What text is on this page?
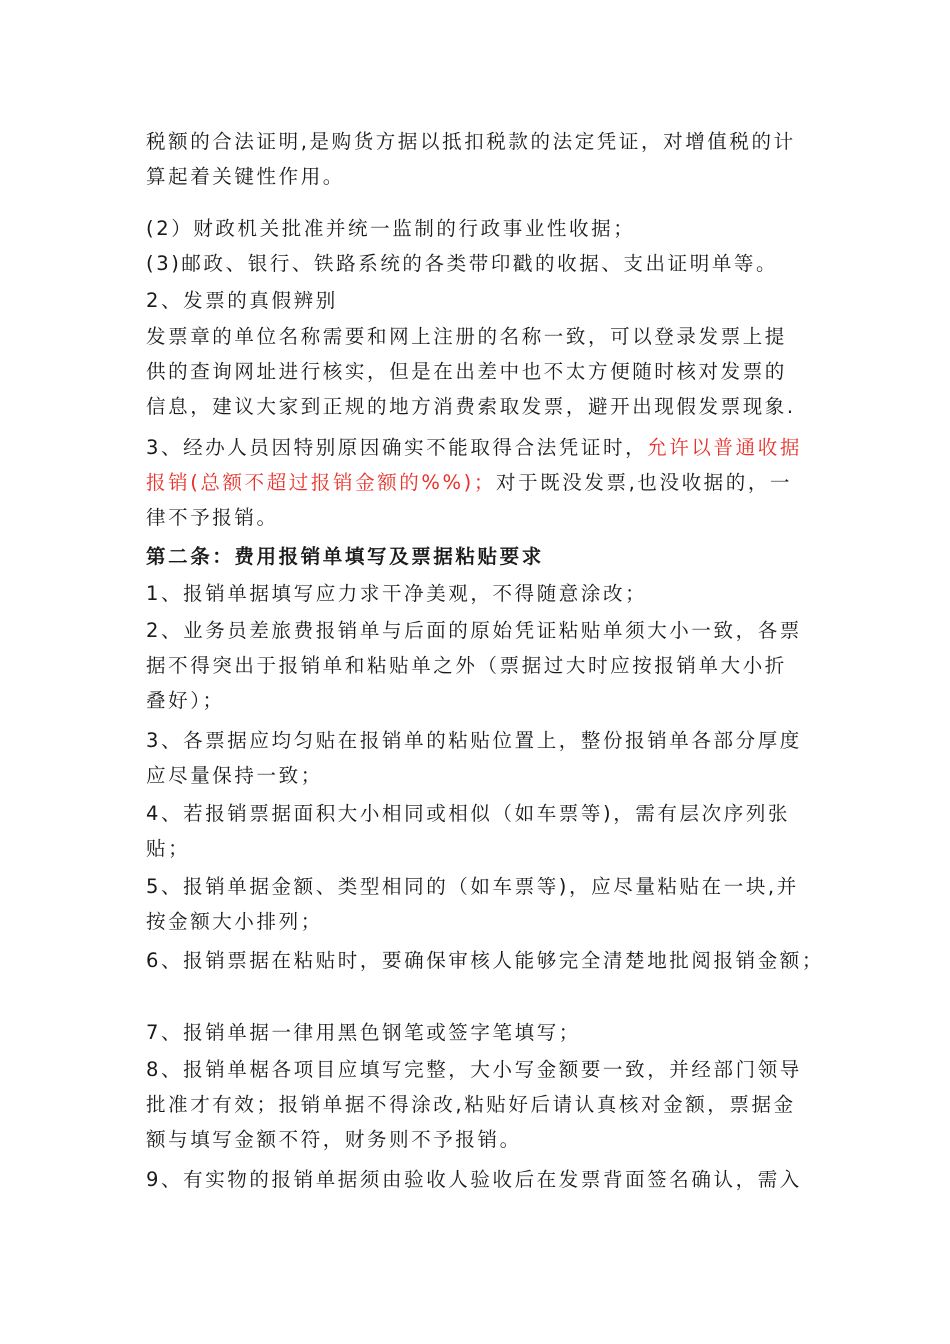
税额的合法证明,是购货方据以抵扣税款的法定凭证，对增值税的计
算起着关键性作用。

(2）财政机关批准并统一监制的行政事业性收据；

(3)邮政、银行、铁路系统的各类带印戳的收据、支出证明单等。

2、发票的真假辨别

发票章的单位名称需要和网上注册的名称一致，可以登录发票上提
供的查询网址进行核实，但是在出差中也不太方便随时核对发票的
信息，建议大家到正规的地方消费索取发票，避开出现假发票现象.

3、经办人员因特别原因确实不能取得合法凭证时，允许以普通收据
报销(总额不超过报销金额的%%)；对于既没发票,也没收据的，一
律不予报销。

第二条：费用报销单填写及票据粘贴要求

1、报销单据填写应力求干净美观，不得随意涂改；

2、业务员差旅费报销单与后面的原始凭证粘贴单须大小一致，各票
据不得突出于报销单和粘贴单之外（票据过大时应按报销单大小折
叠好）；

3、各票据应均匀贴在报销单的粘贴位置上，整份报销单各部分厚度
应尽量保持一致；

4、若报销票据面积大小相同或相似（如车票等)，需有层次序列张
贴；

5、报销单据金额、类型相同的（如车票等)，应尽量粘贴在一块,并
按金额大小排列；

6、报销票据在粘贴时，要确保审核人能够完全清楚地批阅报销金额；

7、报销单据一律用黑色钢笔或签字笔填写；

8、报销单椐各项目应填写完整，大小写金额要一致，并经部门领导
批准才有效；报销单据不得涂改,粘贴好后请认真核对金额，票据金
额与填写金额不符，财务则不予报销。

9、有实物的报销单据须由验收人验收后在发票背面签名确认，需入
